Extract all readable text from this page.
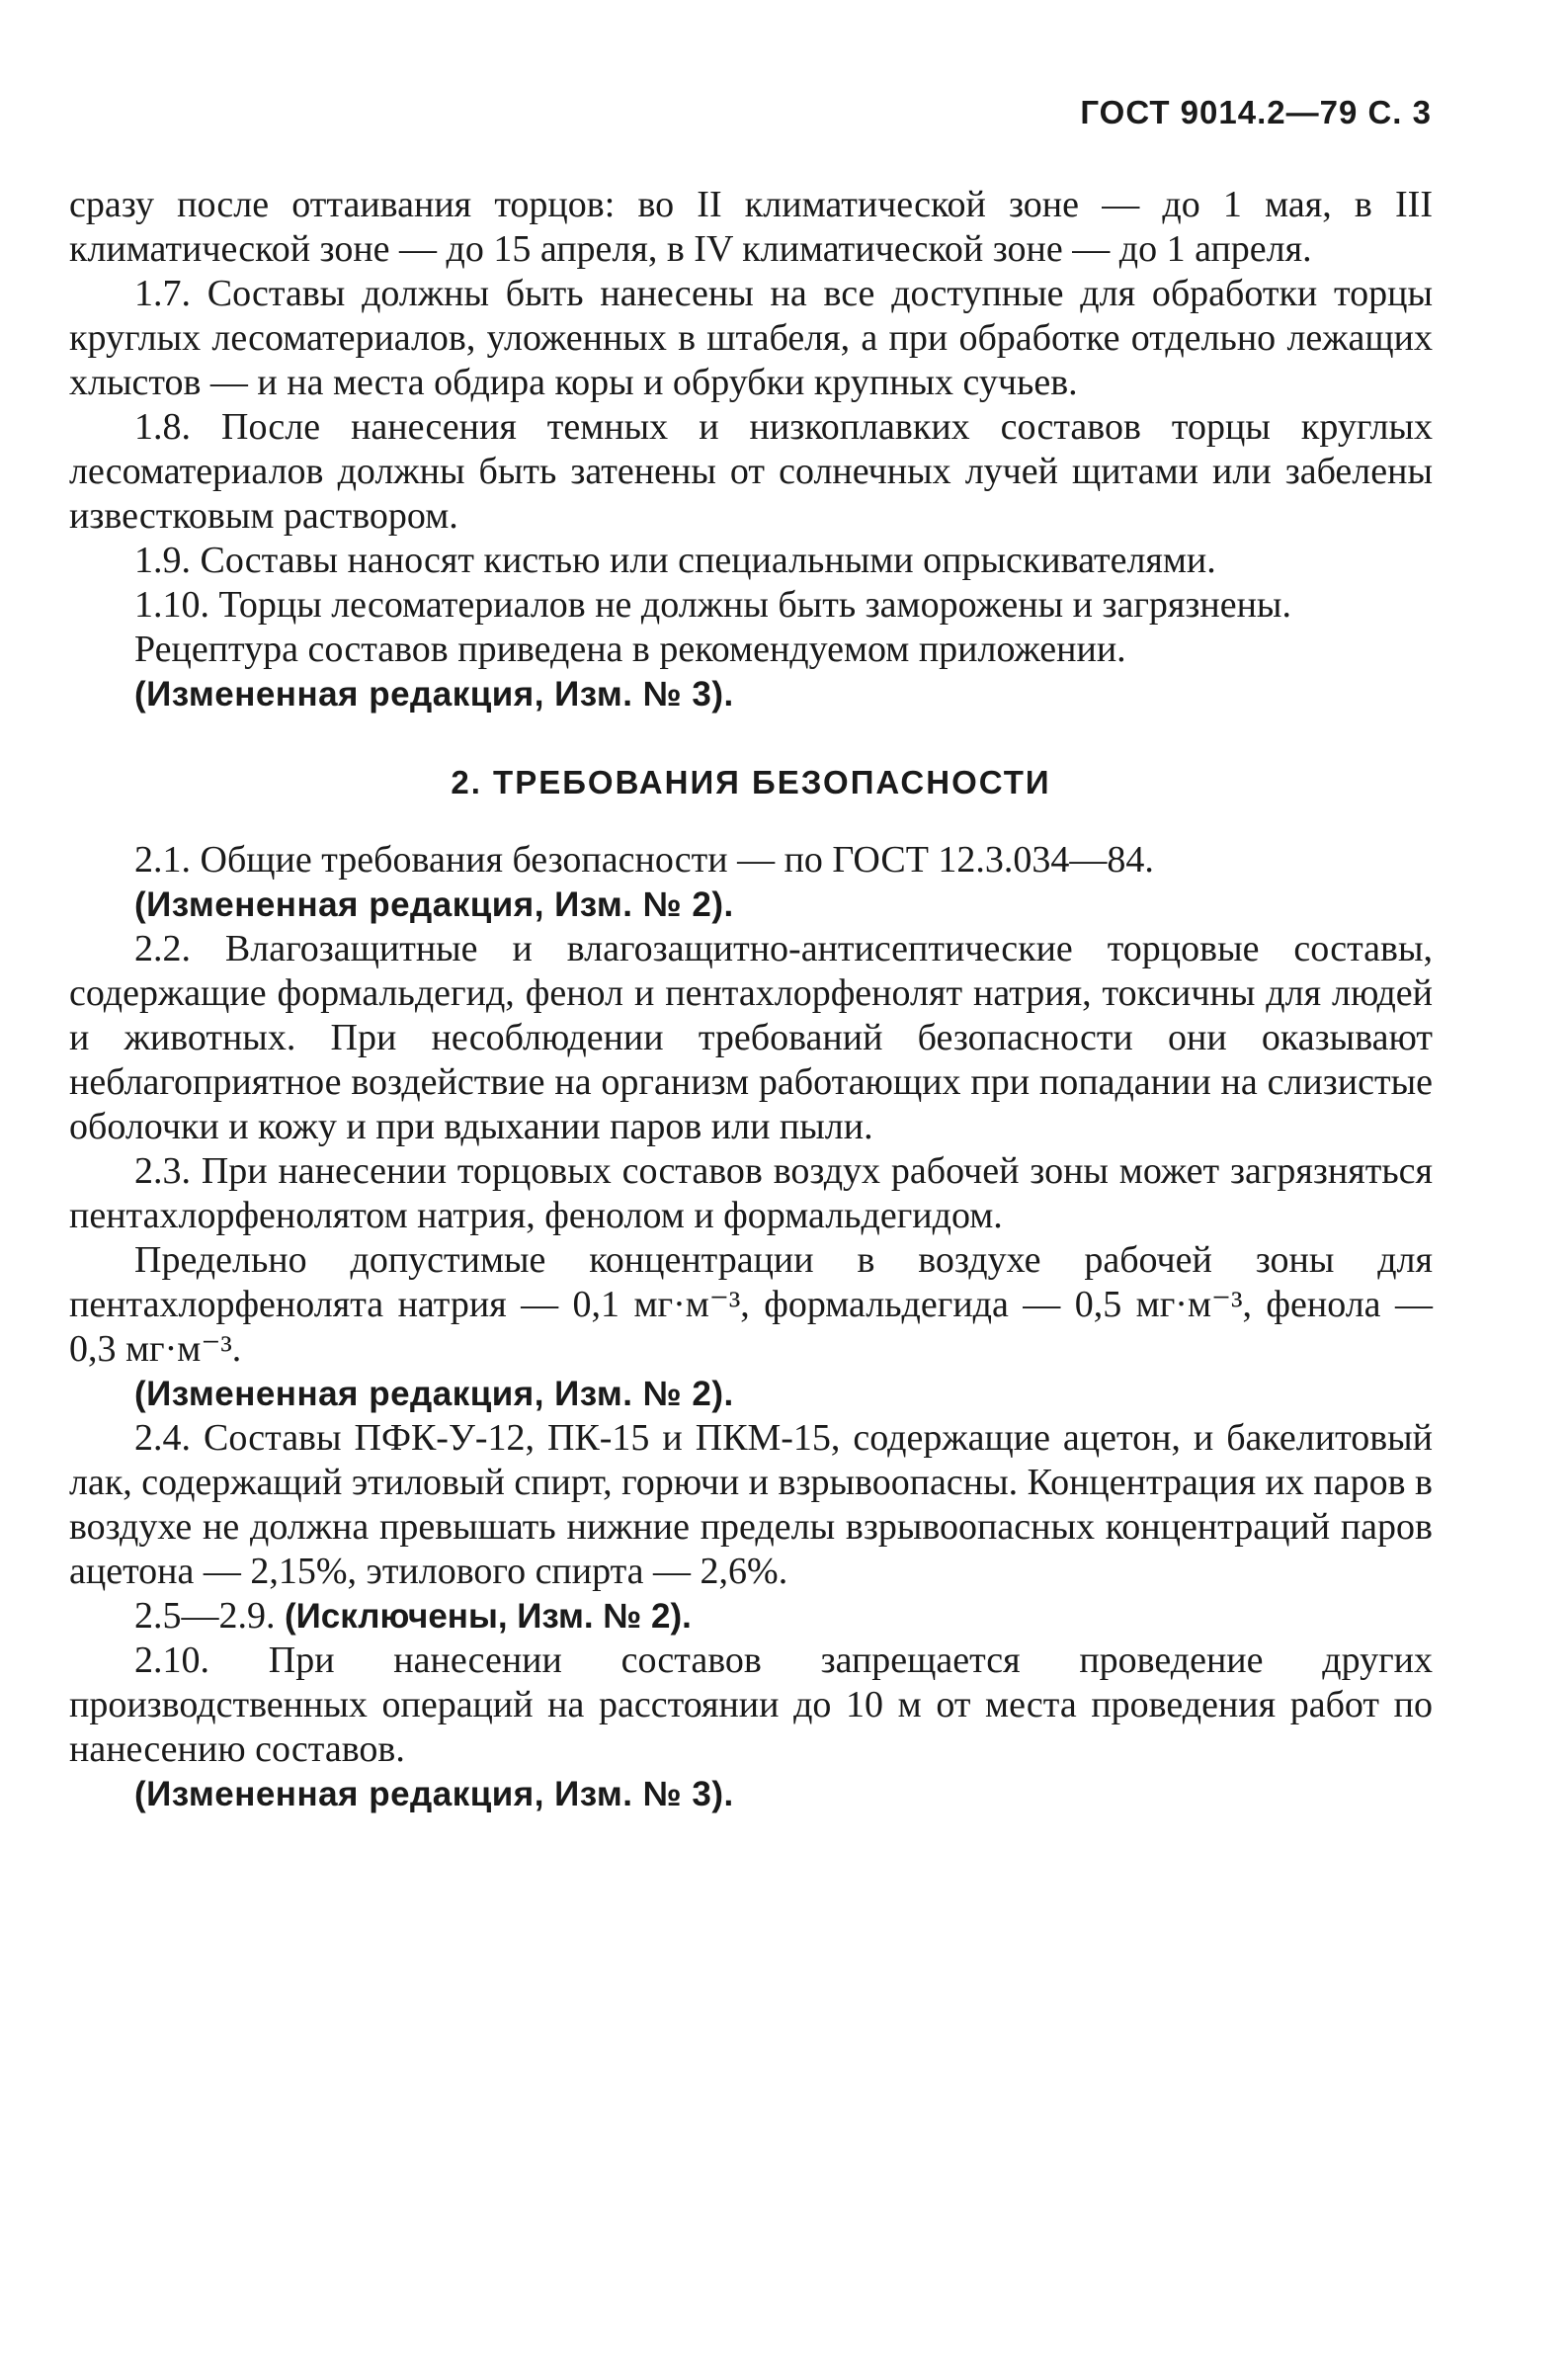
ГОСТ 9014.2—79 С. 3

сразу после оттаивания торцов: во II климатической зоне — до 1 мая, в III климатической зоне — до 15 апреля, в IV климатической зоне — до 1 апреля.

1.7. Составы должны быть нанесены на все доступные для обработки торцы круглых лесоматериалов, уложенных в штабеля, а при обработке отдельно лежащих хлыстов — и на места обдира коры и обрубки крупных сучьев.

1.8. После нанесения темных и низкоплавких составов торцы круглых лесоматериалов должны быть затенены от солнечных лучей щитами или забелены известковым раствором.

1.9. Составы наносят кистью или специальными опрыскивателями.

1.10. Торцы лесоматериалов не должны быть заморожены и загрязнены.

Рецептура составов приведена в рекомендуемом приложении.

(Измененная редакция, Изм. № 3).

2. ТРЕБОВАНИЯ БЕЗОПАСНОСТИ

2.1. Общие требования безопасности — по ГОСТ 12.3.034—84.

(Измененная редакция, Изм. № 2).

2.2. Влагозащитные и влагозащитно-антисептические торцовые составы, содержащие формальдегид, фенол и пентахлорфенолят натрия, токсичны для людей и животных. При несоблюдении требований безопасности они оказывают неблагоприятное воздействие на организм работающих при попадании на слизистые оболочки и кожу и при вдыхании паров или пыли.

2.3. При нанесении торцовых составов воздух рабочей зоны может загрязняться пентахлорфенолятом натрия, фенолом и формальдегидом.

Предельно допустимые концентрации в воздухе рабочей зоны для пентахлорфенолята натрия — 0,1 мг·м⁻³, формальдегида — 0,5 мг·м⁻³, фенола — 0,3 мг·м⁻³.

(Измененная редакция, Изм. № 2).

2.4. Составы ПФК-У-12, ПК-15 и ПКМ-15, содержащие ацетон, и бакелитовый лак, содержащий этиловый спирт, горючи и взрывоопасны. Концентрация их паров в воздухе не должна превышать нижние пределы взрывоопасных концентраций паров ацетона — 2,15%, этилового спирта — 2,6%.

2.5—2.9. (Исключены, Изм. № 2).

2.10. При нанесении составов запрещается проведение других производственных операций на расстоянии до 10 м от места проведения работ по нанесению составов.

(Измененная редакция, Изм. № 3).
